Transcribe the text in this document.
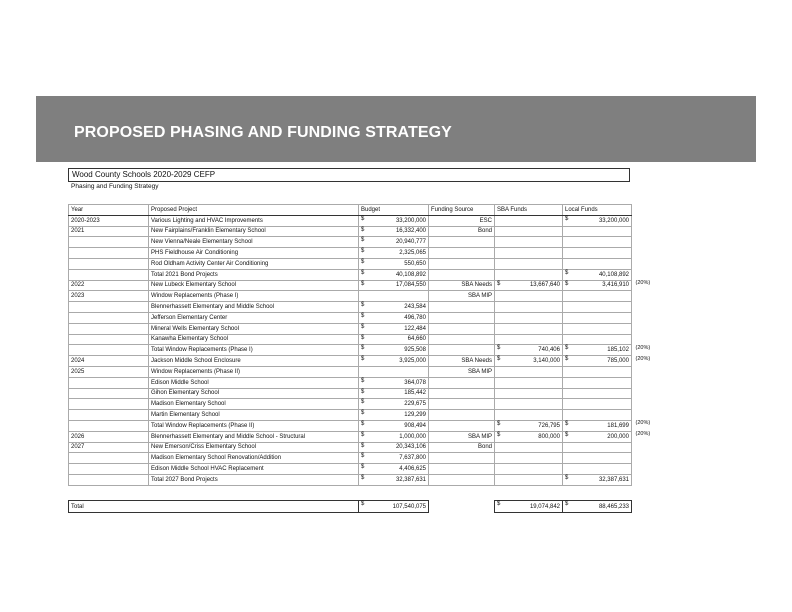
PROPOSED PHASING AND FUNDING STRATEGY
Wood County Schools 2020-2029 CEFP
Phasing and Funding Strategy
Year	Proposed Project	Budget	Funding Source	SBA Funds	Local Funds
2020-2023	Various Lighting and HVAC Improvements	$ 33,200,000	ESC		$ 33,200,000
2021	New Fairplains/Franklin Elementary School	$ 16,332,400	Bond		
	New Vienna/Neale Elementary School	$ 20,940,777			
	PHS Fieldhouse Air Conditioning	$ 2,325,065			
	Rod Oldham Activity Center Air Conditioning	$ 550,650			
	Total 2021 Bond Projects	$ 40,108,892			$ 40,108,892
2022	New Lubeck Elementary School	$ 17,084,550	SBA Needs	$ 13,667,640	$ 3,416,910		(20%)

2023	Window Replacements (Phase I)		SBA MIP		
	Blennerhassett Elementary and Middle School	$ 243,584			
	Jefferson Elementary Center	$ 496,780			
	Mineral Wells Elementary School	$ 122,484			
	Kanawha Elementary School	$ 64,660			
	Total Window Replacements (Phase I)	$ 925,508		$ 740,406	$ 185,102		(20%)

2024	Jackson Middle School Enclosure	$ 3,925,000	SBA Needs	$ 3,140,000	$ 785,000		(20%)

2025	Window Replacements (Phase II)		SBA MIP		
	Edison Middle School	$ 364,078			
	Gihon Elementary School	$ 185,442			
	Madison Elementary School	$ 229,675			
	Martin Elementary School	$ 129,299			
	Total Window Replacements (Phase II)	$ 908,494		$ 726,795	$ 181,699		(20%)

2026	Blennerhassett Elementary and Middle School - Structural	$ 1,000,000	SBA MIP	$ 800,000	$ 200,000		(20%)

2027	New Emerson/Criss Elementary School	$ 20,343,106	Bond		
	Madison Elementary School Renovation/Addition	$ 7,637,800			
	Edison Middle School HVAC Replacement	$ 4,406,625			
	Total 2027 Bond Projects	$ 32,387,631			$ 32,387,631
Total	$	107,540,075		$	19,074,842	$	88,465,233
